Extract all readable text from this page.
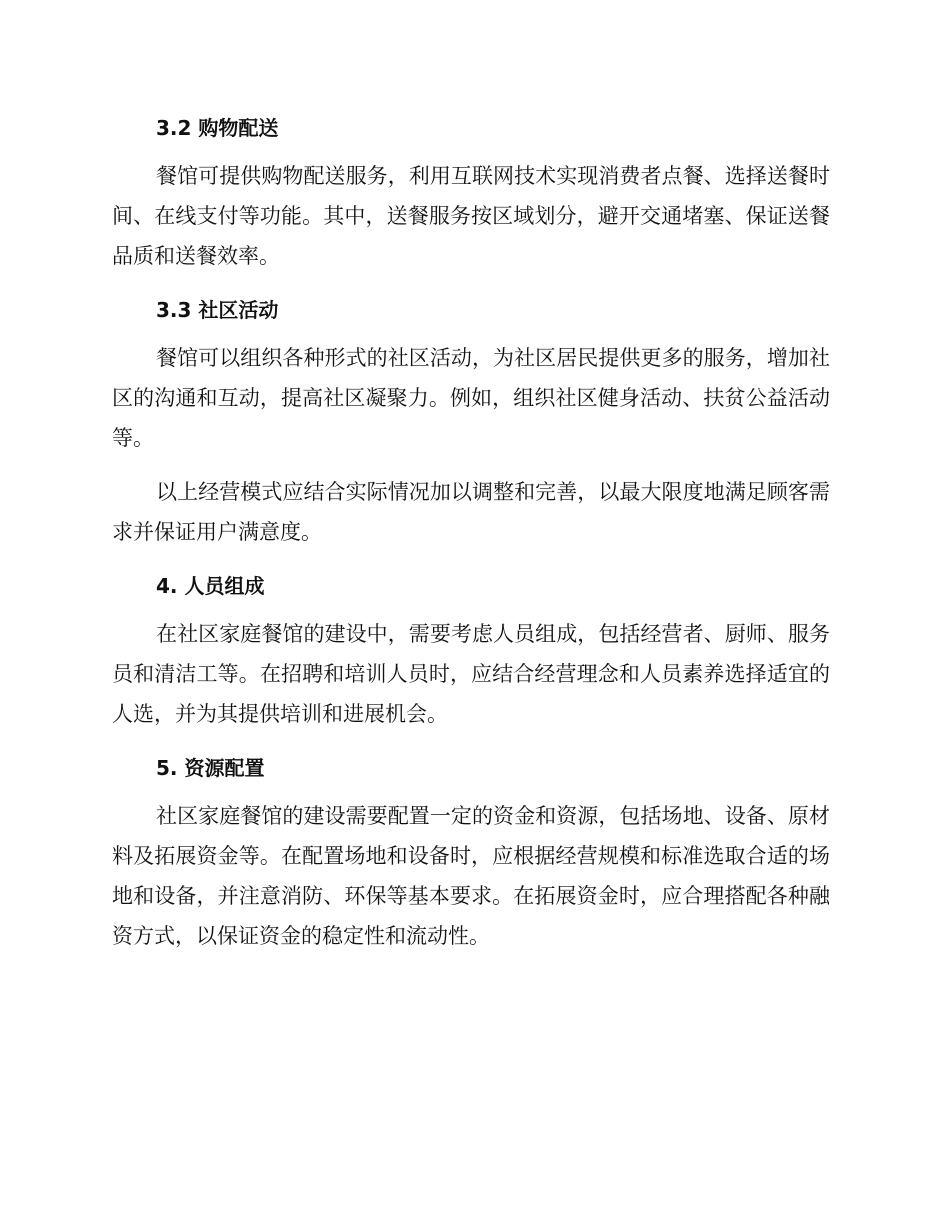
3.2 购物配送

餐馆可提供购物配送服务，利用互联网技术实现消费者点餐、选择送餐时间、在线支付等功能。其中，送餐服务按区域划分，避开交通堵塞、保证送餐品质和送餐效率。

3.3 社区活动

餐馆可以组织各种形式的社区活动，为社区居民提供更多的服务，增加社区的沟通和互动，提高社区凝聚力。例如，组织社区健身活动、扶贫公益活动等。

以上经营模式应结合实际情况加以调整和完善，以最大限度地满足顾客需求并保证用户满意度。

4. 人员组成

在社区家庭餐馆的建设中，需要考虑人员组成，包括经营者、厨师、服务员和清洁工等。在招聘和培训人员时，应结合经营理念和人员素养选择适宜的人选，并为其提供培训和进展机会。

5. 资源配置

社区家庭餐馆的建设需要配置一定的资金和资源，包括场地、设备、原材料及拓展资金等。在配置场地和设备时，应根据经营规模和标准选取合适的场地和设备，并注意消防、环保等基本要求。在拓展资金时，应合理搭配各种融资方式，以保证资金的稳定性和流动性。
